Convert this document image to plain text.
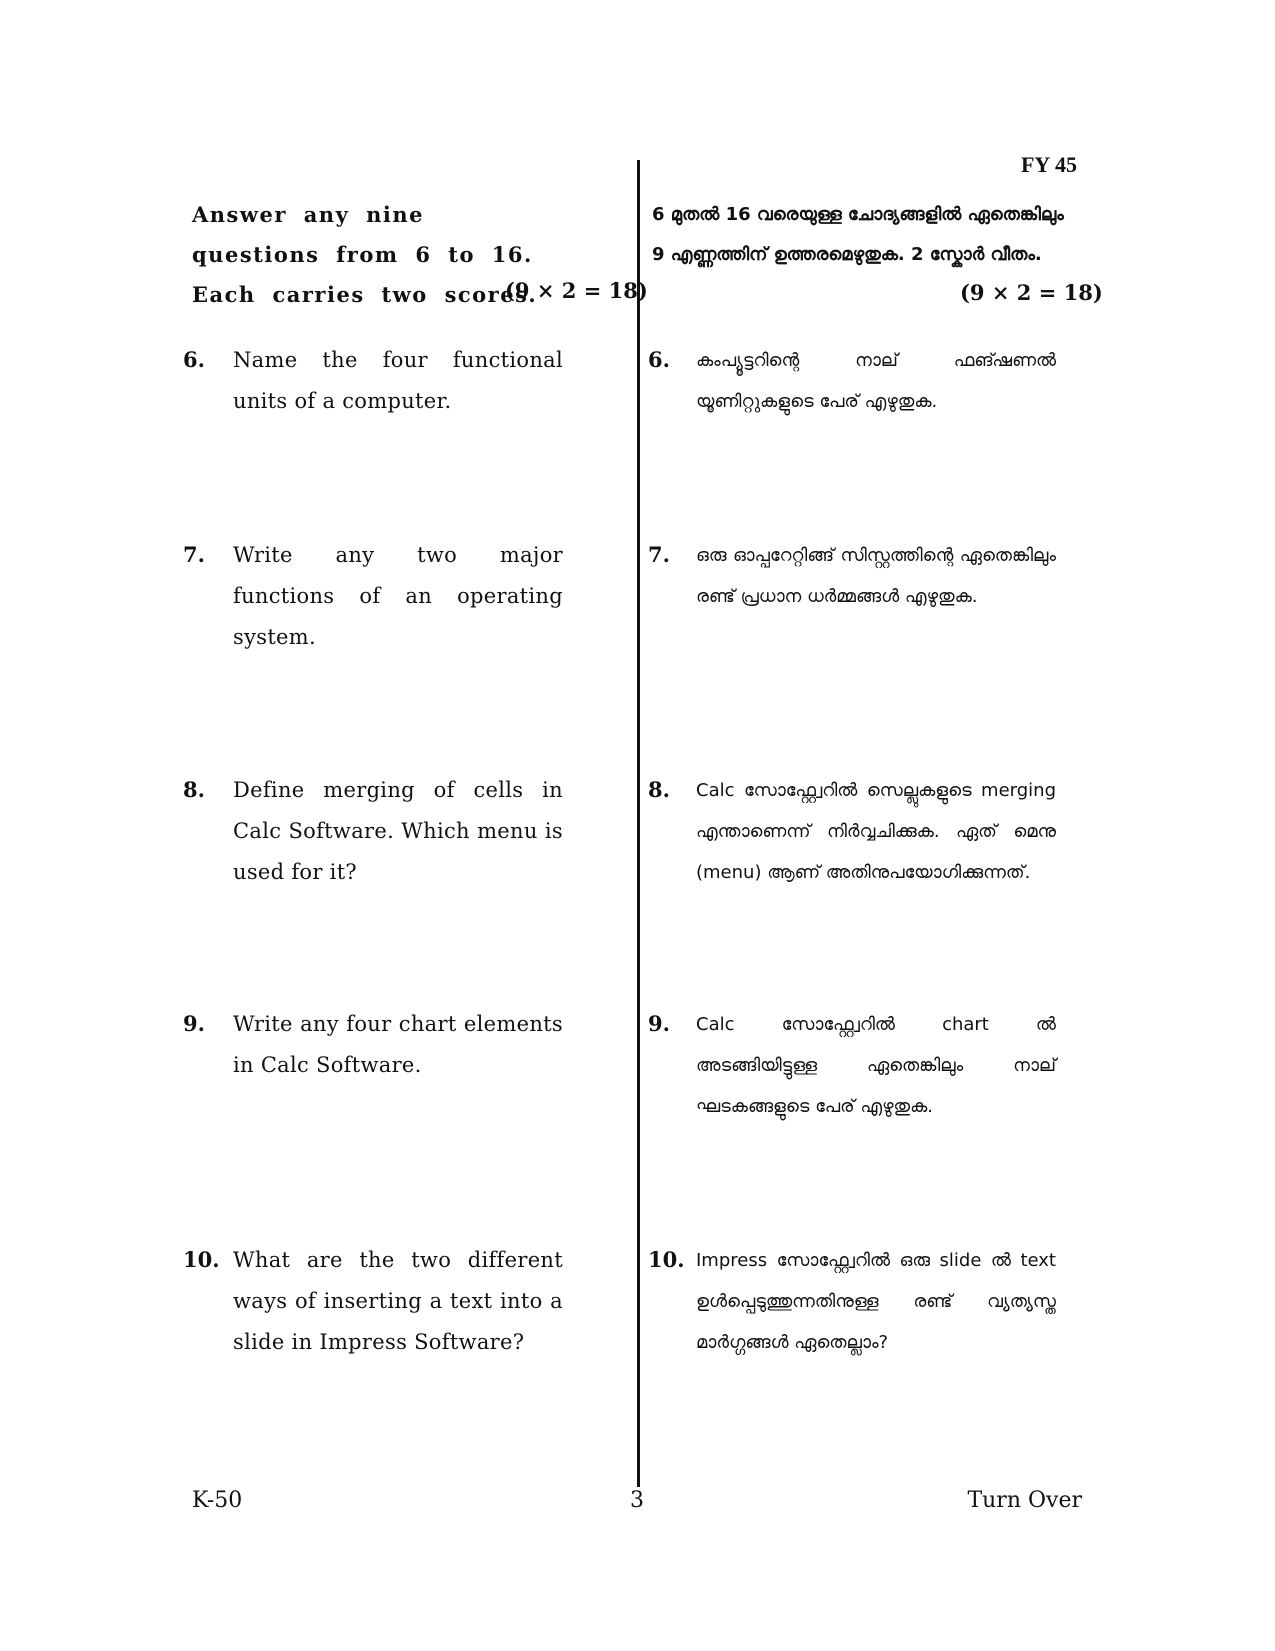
FY 45
Answer any nine questions from 6 to 16. Each carries two scores.
(9 × 2 = 18)
6 മുതൽ 16 വരെയുള്ള ചോദ്യങ്ങളിൽ ഏതെങ്കിലും 9 എണ്ണത്തിന് ഉത്തരമെഴുതുക. 2 സ്കോർ വീതം.
(9 × 2 = 18)
6. Name the four functional units of a computer.
6. കംപ്യൂട്ടറിന്റെ നാല് ഫങ്ഷണൽ യൂണിറ്റുകളുടെ പേര് എഴുതുക.
7. Write any two major functions of an operating system.
7. ഒരു ഓപ്പറേറ്റിങ്ങ് സിസ്റ്റത്തിന്റെ ഏതെങ്കിലും രണ്ട് പ്രധാന ധർമ്മങ്ങൾ എഴുതുക.
8. Define merging of cells in Calc Software. Which menu is used for it?
8. Calc സോഫ്റ്റ്വേറിൽ സെല്ലുകളുടെ merging എന്താണെന്ന് നിർവ്വചിക്കുക. ഏത് മെനു (menu) ആണ് അതിനുപയോഗിക്കുന്നത്.
9. Write any four chart elements in Calc Software.
9. Calc സോഫ്റ്റ്വേറിൽ chart ൽ അടങ്ങിയിട്ടുള്ള ഏതെങ്കിലും നാല് ഘടകങ്ങളുടെ പേര് എഴുതുക.
10. What are the two different ways of inserting a text into a slide in Impress Software?
10. Impress സോഫ്റ്റ്വേറിൽ ഒരു slide ൽ text ഉൾപ്പെടുത്തുന്നതിനുള്ള രണ്ട് വ്യത്യസ്ത മാർഗ്ഗങ്ങൾ ഏതെല്ലാം?
K-50	3	Turn Over
